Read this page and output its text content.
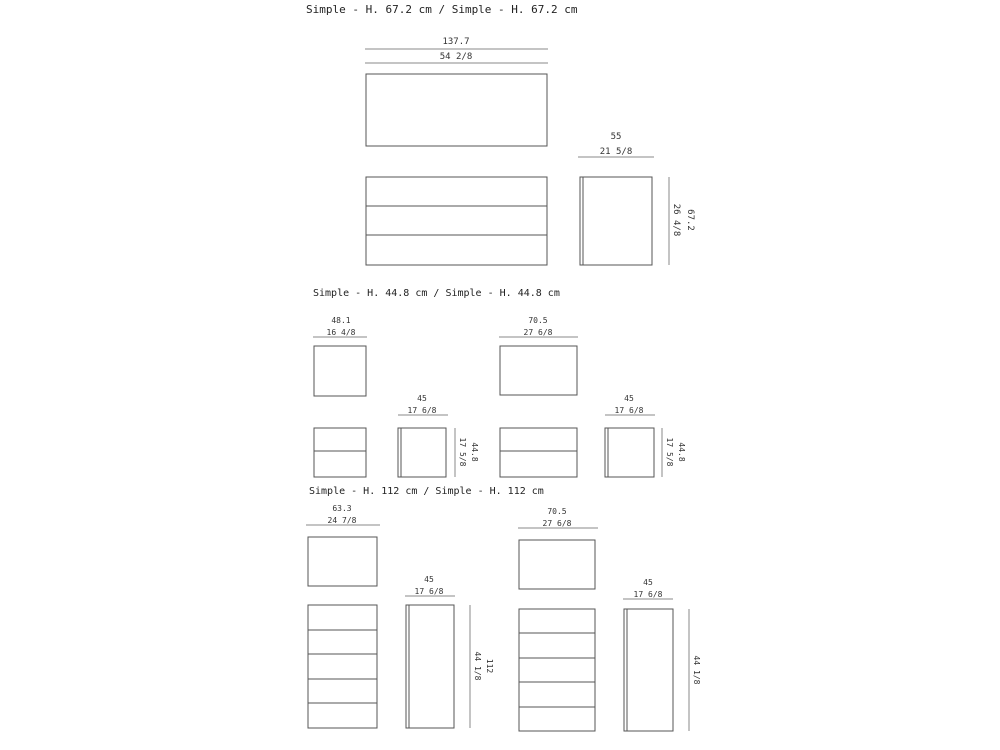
Simple - H. 67.2 cm / Simple - H. 67.2 cm
137.7
54 2/8
55
21 5/8
26 4/8 67.2
Simple - H. 44.8 cm / Simple - H. 44.8 cm
48.1
16 4/8
45
17 6/8
17 5/8 44.8
70.5
27 6/8
45
17 6/8
17 5/8 44.8
Simple - H. 112 cm / Simple - H. 112 cm
63.3
24 7/8
45
17 6/8
44 1/8 112
70.5
27 6/8
45
17 6/8
44 1/8
